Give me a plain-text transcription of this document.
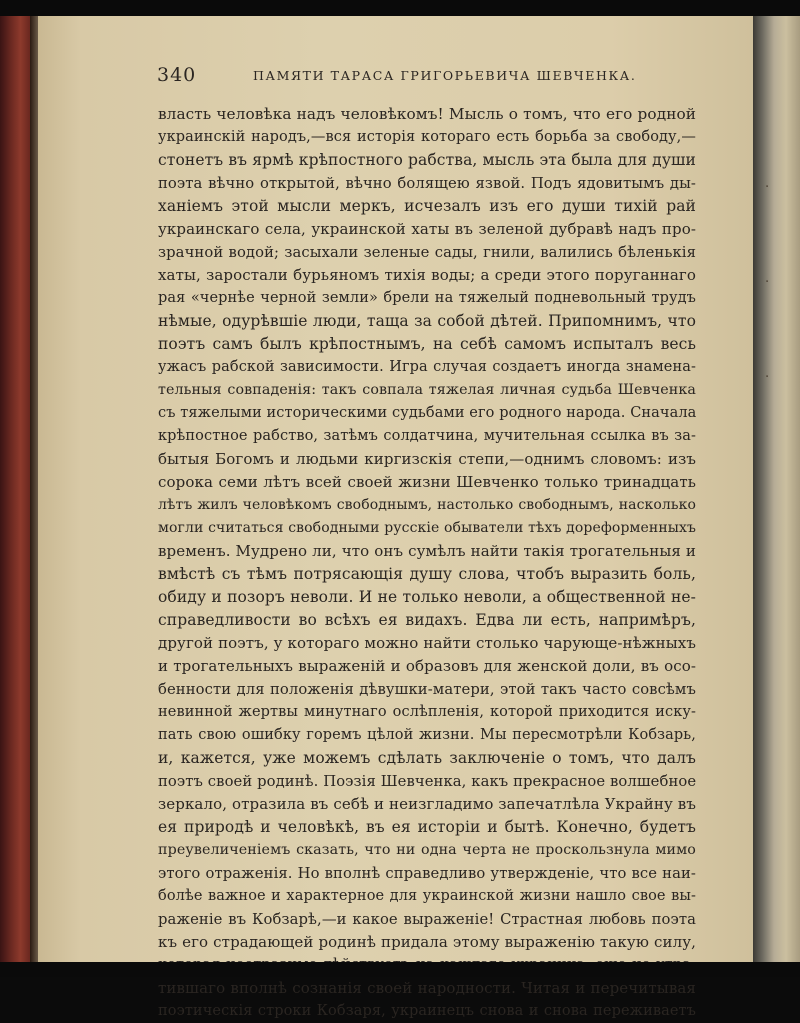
.
.
.
340	ПАМЯТИ ТАРАСА ГРИГОРЬЕВИЧА ШЕВЧЕНКА.
власть человѣка надъ человѣкомъ! Мысль о томъ, что его родной
украинскій народъ,—вся исторія котораго есть борьба за свободу,—
стонетъ въ ярмѣ крѣпостного рабства, мысль эта была для души
поэта вѣчно открытой, вѣчно болящею язвой. Подъ ядовитымъ ды-
ханіемъ этой мысли меркъ, исчезалъ изъ его души тихій рай
украинскаго села, украинской хаты въ зеленой дубравѣ надъ про-
зрачной водой; засыхали зеленые сады, гнили, валились бѣленькія
хаты, заростали бурьяномъ тихія воды; а среди этого поруганнаго
рая «чернѣе черной земли» брели на тяжелый подневольный трудъ
нѣмые, одурѣвшіе люди, таща за собой дѣтей. Припомнимъ, что
поэтъ самъ былъ крѣпостнымъ, на себѣ самомъ испыталъ весь
ужасъ рабской зависимости. Игра случая создаетъ иногда знамена-
тельныя совпаденія: такъ совпала тяжелая личная судьба Шевченка
съ тяжелыми историческими судьбами его родного народа. Сначала
крѣпостное рабство, затѣмъ солдатчина, мучительная ссылка въ за-
бытыя Богомъ и людьми киргизскія степи,—однимъ словомъ: изъ
сорока семи лѣтъ всей своей жизни Шевченко только тринадцать
лѣтъ жилъ человѣкомъ свободнымъ, настолько свободнымъ, насколько
могли считаться свободными русскіе обыватели тѣхъ дореформенныхъ
временъ. Мудрено ли, что онъ сумѣлъ найти такія трогательныя и
вмѣстѣ съ тѣмъ потрясающія душу слова, чтобъ выразить боль,
обиду и позоръ неволи. И не только неволи, а общественной не-
справедливости во всѣхъ ея видахъ. Едва ли есть, напримѣръ,
другой поэтъ, у котораго можно найти столько чарующе-нѣжныхъ
и трогательныхъ выраженій и образовъ для женской доли, въ осо-
бенности для положенія дѣвушки-матери, этой такъ часто совсѣмъ
невинной жертвы минутнаго ослѣпленія, которой приходится иску-
пать свою ошибку горемъ цѣлой жизни. Мы пересмотрѣли Кобзарь,
и, кажется, уже можемъ сдѣлать заключеніе о томъ, что далъ
поэтъ своей родинѣ. Поэзія Шевченка, какъ прекрасное волшебное
зеркало, отразила въ себѣ и неизгладимо запечатлѣла Украйну въ
ея природѣ и человѣкѣ, въ ея исторіи и бытѣ. Конечно, будетъ
преувеличеніемъ сказать, что ни одна черта не проскользнула мимо
этого отраженія. Но вполнѣ справедливо утвержденіе, что все наи-
болѣе важное и характерное для украинской жизни нашло свое вы-
раженіе въ Кобзарѣ,—и какое выраженіе! Страстная любовь поэта
къ его страдающей родинѣ придала этому выраженію такую силу,
тившаго вполнѣ сознанія своей народности. Читая и перечитывая
поэтическія строки Кобзаря, украинецъ снова и снова переживаетъ
